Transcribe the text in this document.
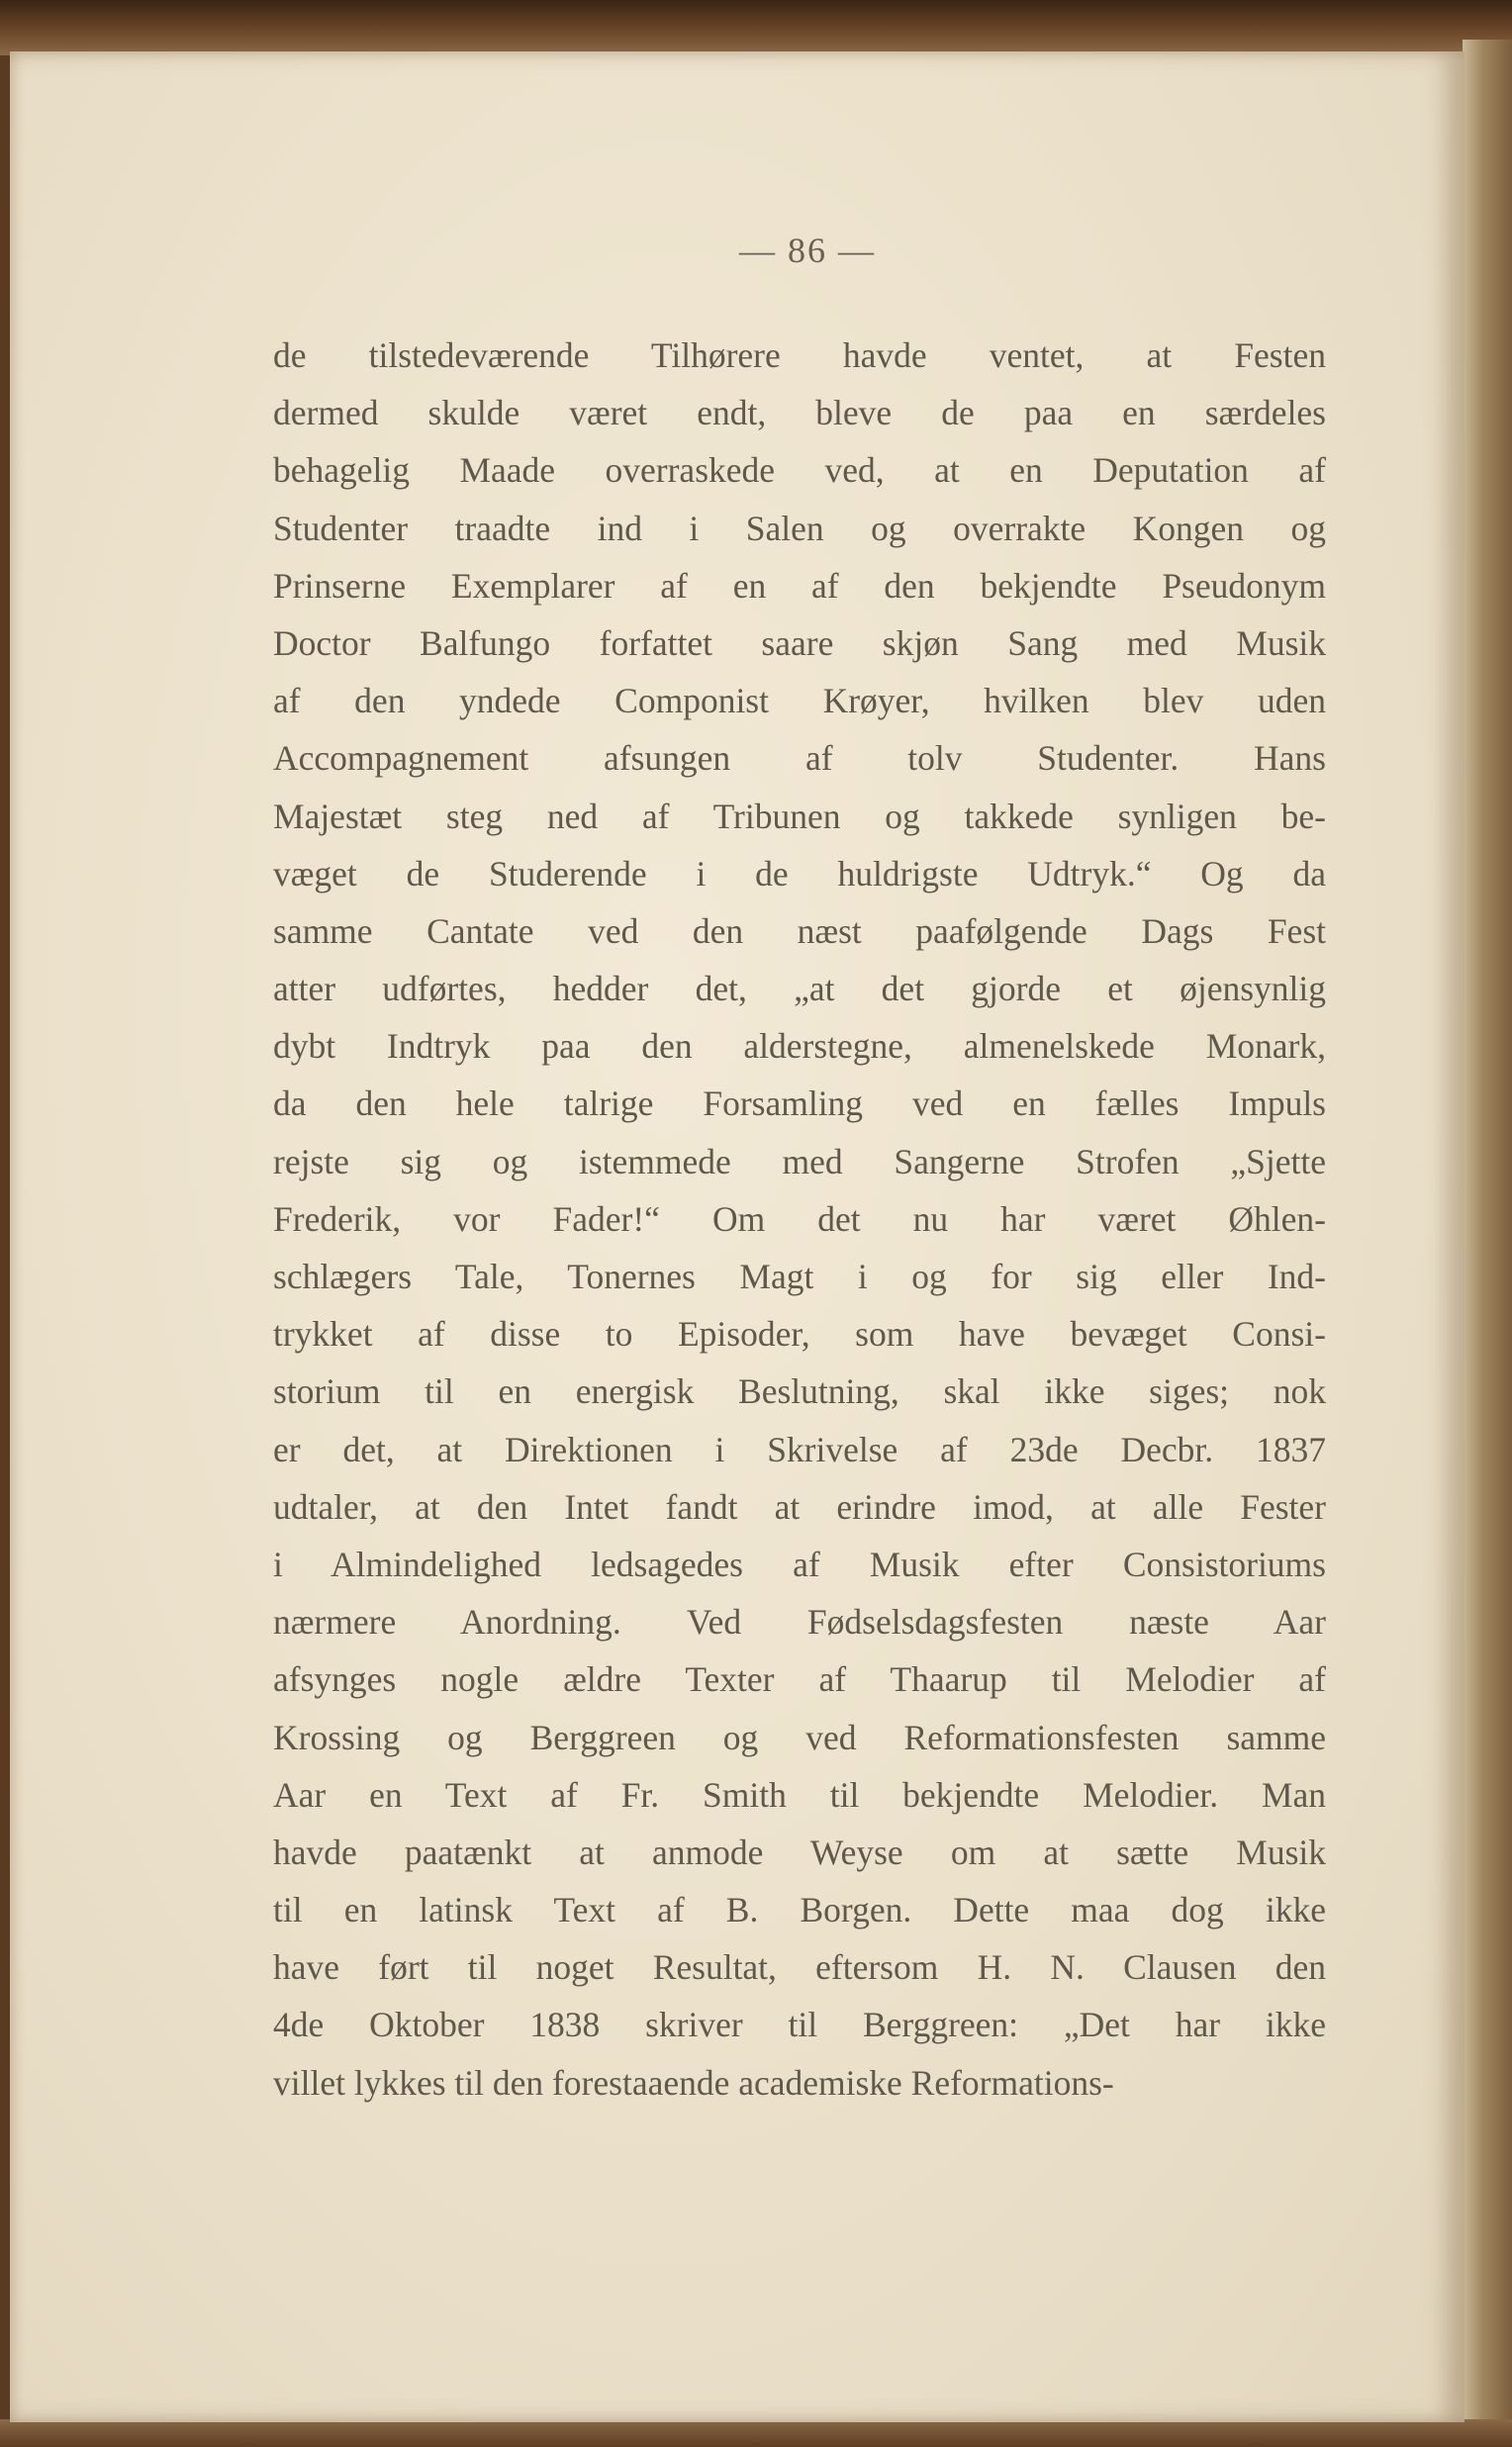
— 86 —

de tilstedeværende Tilhørere havde ventet, at Festen
dermed skulde været endt, bleve de paa en særdeles
behagelig Maade overraskede ved, at en Deputation af
Studenter traadte ind i Salen og overrakte Kongen og
Prinserne Exemplarer af en af den bekjendte Pseudonym
Doctor Balfungo forfattet saare skjøn Sang med Musik
af den yndede Componist Krøyer, hvilken blev uden
Accompagnement afsungen af tolv Studenter. Hans
Majestæt steg ned af Tribunen og takkede synligen be-
væget de Studerende i de huldrigste Udtryk.“ Og da
samme Cantate ved den næst paafølgende Dags Fest
atter udførtes, hedder det, „at det gjorde et øjensynlig
dybt Indtryk paa den alderstegne, almenelskede Monark,
da den hele talrige Forsamling ved en fælles Impuls
rejste sig og istemmede med Sangerne Strofen „Sjette
Frederik, vor Fader!“ Om det nu har været Øhlen-
schlægers Tale, Tonernes Magt i og for sig eller Ind-
trykket af disse to Episoder, som have bevæget Consi-
storium til en energisk Beslutning, skal ikke siges; nok
er det, at Direktionen i Skrivelse af 23de Decbr. 1837
udtaler, at den Intet fandt at erindre imod, at alle Fester
i Almindelighed ledsagedes af Musik efter Consistoriums
nærmere Anordning. Ved Fødselsdagsfesten næste Aar
afsynges nogle ældre Texter af Thaarup til Melodier af
Krossing og Berggreen og ved Reformationsfesten samme
Aar en Text af Fr. Smith til bekjendte Melodier. Man
havde paatænkt at anmode Weyse om at sætte Musik
til en latinsk Text af B. Borgen. Dette maa dog ikke
have ført til noget Resultat, eftersom H. N. Clausen den
4de Oktober 1838 skriver til Berggreen: „Det har ikke
villet lykkes til den forestaaende academiske Reformations-
